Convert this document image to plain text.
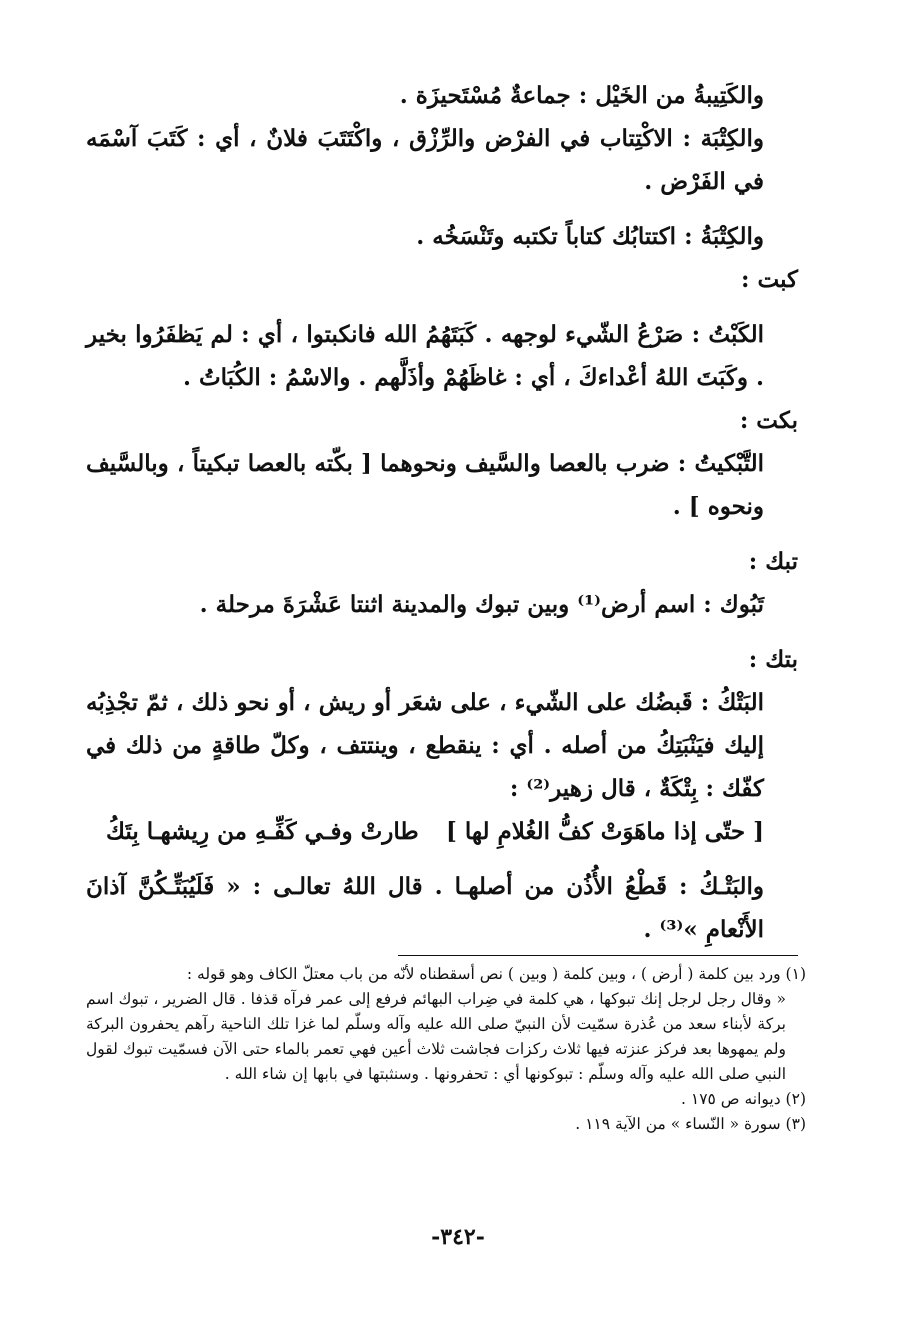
والكَتِيبةُ من الخَيْل : جماعةٌ مُسْتَحيزَة .

والكِتْبَة : الاكْتِتاب في الفرْض والرِّزْق ، واكْتَتَبَ فلانٌ ، أي : كَتَبَ آسْمَه في الفَرْض .

والكِتْبَةُ : اكتتابُك كتاباً تكتبه وتَنْسَخُه .

كبت :

الكَبْتُ : صَرْعُ الشّيء لوجهه . كَبَتَهُمُ الله فانكبتوا ، أي : لم يَظفَرُوا بخير . وكَبَتَ اللهُ أعْداءكَ ، أي : غاظَهُمْ وأذَلَّهم . والاسْمُ : الكُبَاتُ .

بكت :

التَّبْكيتُ : ضرب بالعصا والسَّيف ونحوهما [ بكّته بالعصا تبكيتاً ، وبالسَّيف ونحوه ] .

تبك :

تَبُوك : اسم أرض⁽¹⁾ وبين تبوك والمدينة اثنتا عَشْرَةَ مرحلة .

بتك :

البَتْكُ : قَبضُك على الشّيء ، على شعَر أو ريش ، أو نحو ذلك ، ثمّ تجْذِبُه إليك فيَنْبَتِكُ من أصله . أي : ينقطع ، وينتتف ، وكلّ طاقةٍ من ذلك في كفّك : بِتْكَةٌ ، قال زهير⁽²⁾ :

[ حتّى إذا ماهَوَتْ كفُّ الغُلامِ لها ]
طارتْ وفـي كَفِّـهِ من رِيشهـا بِتَكُ

والبَتْـكُ : قَطْعُ الأُذُن من أصلهـا . قال اللهُ تعالـى : « فَلَيُبَتِّـكُنَّ آذانَ الأَنْعامِ »⁽³⁾ .

(١) ورد بين كلمة ( أرض ) ، وبين كلمة ( وبين ) نص أسقطناه لأنّه من باب معتلّ الكاف وهو قوله :

« وقال رجل لرجل إنك تبوكها ، هي كلمة في ضِراب البهائم فرفع إلى عمر فرآه قذفا . قال الضرير ، تبوك اسم بركة لأبناء سعد من عُذرة سمّيت لأن النبيّ صلى الله عليه وآله وسلّم لما غزا تلك الناحية رآهم يحفرون البركة ولم يمهوها بعد فركز عنزته فيها ثلاث ركزات فجاشت ثلاث أعين فهي تعمر بالماء حتى الآن فسمّيت تبوك لقول النبي صلى الله عليه وآله وسلّم : تبوكونها أي : تحفرونها . وسنثبتها في بابها إن شاء الله .

(٢) ديوانه ص ١٧٥ .

(٣) سورة « النّساء » من الآية ١١٩ .

-٣٤٢-
